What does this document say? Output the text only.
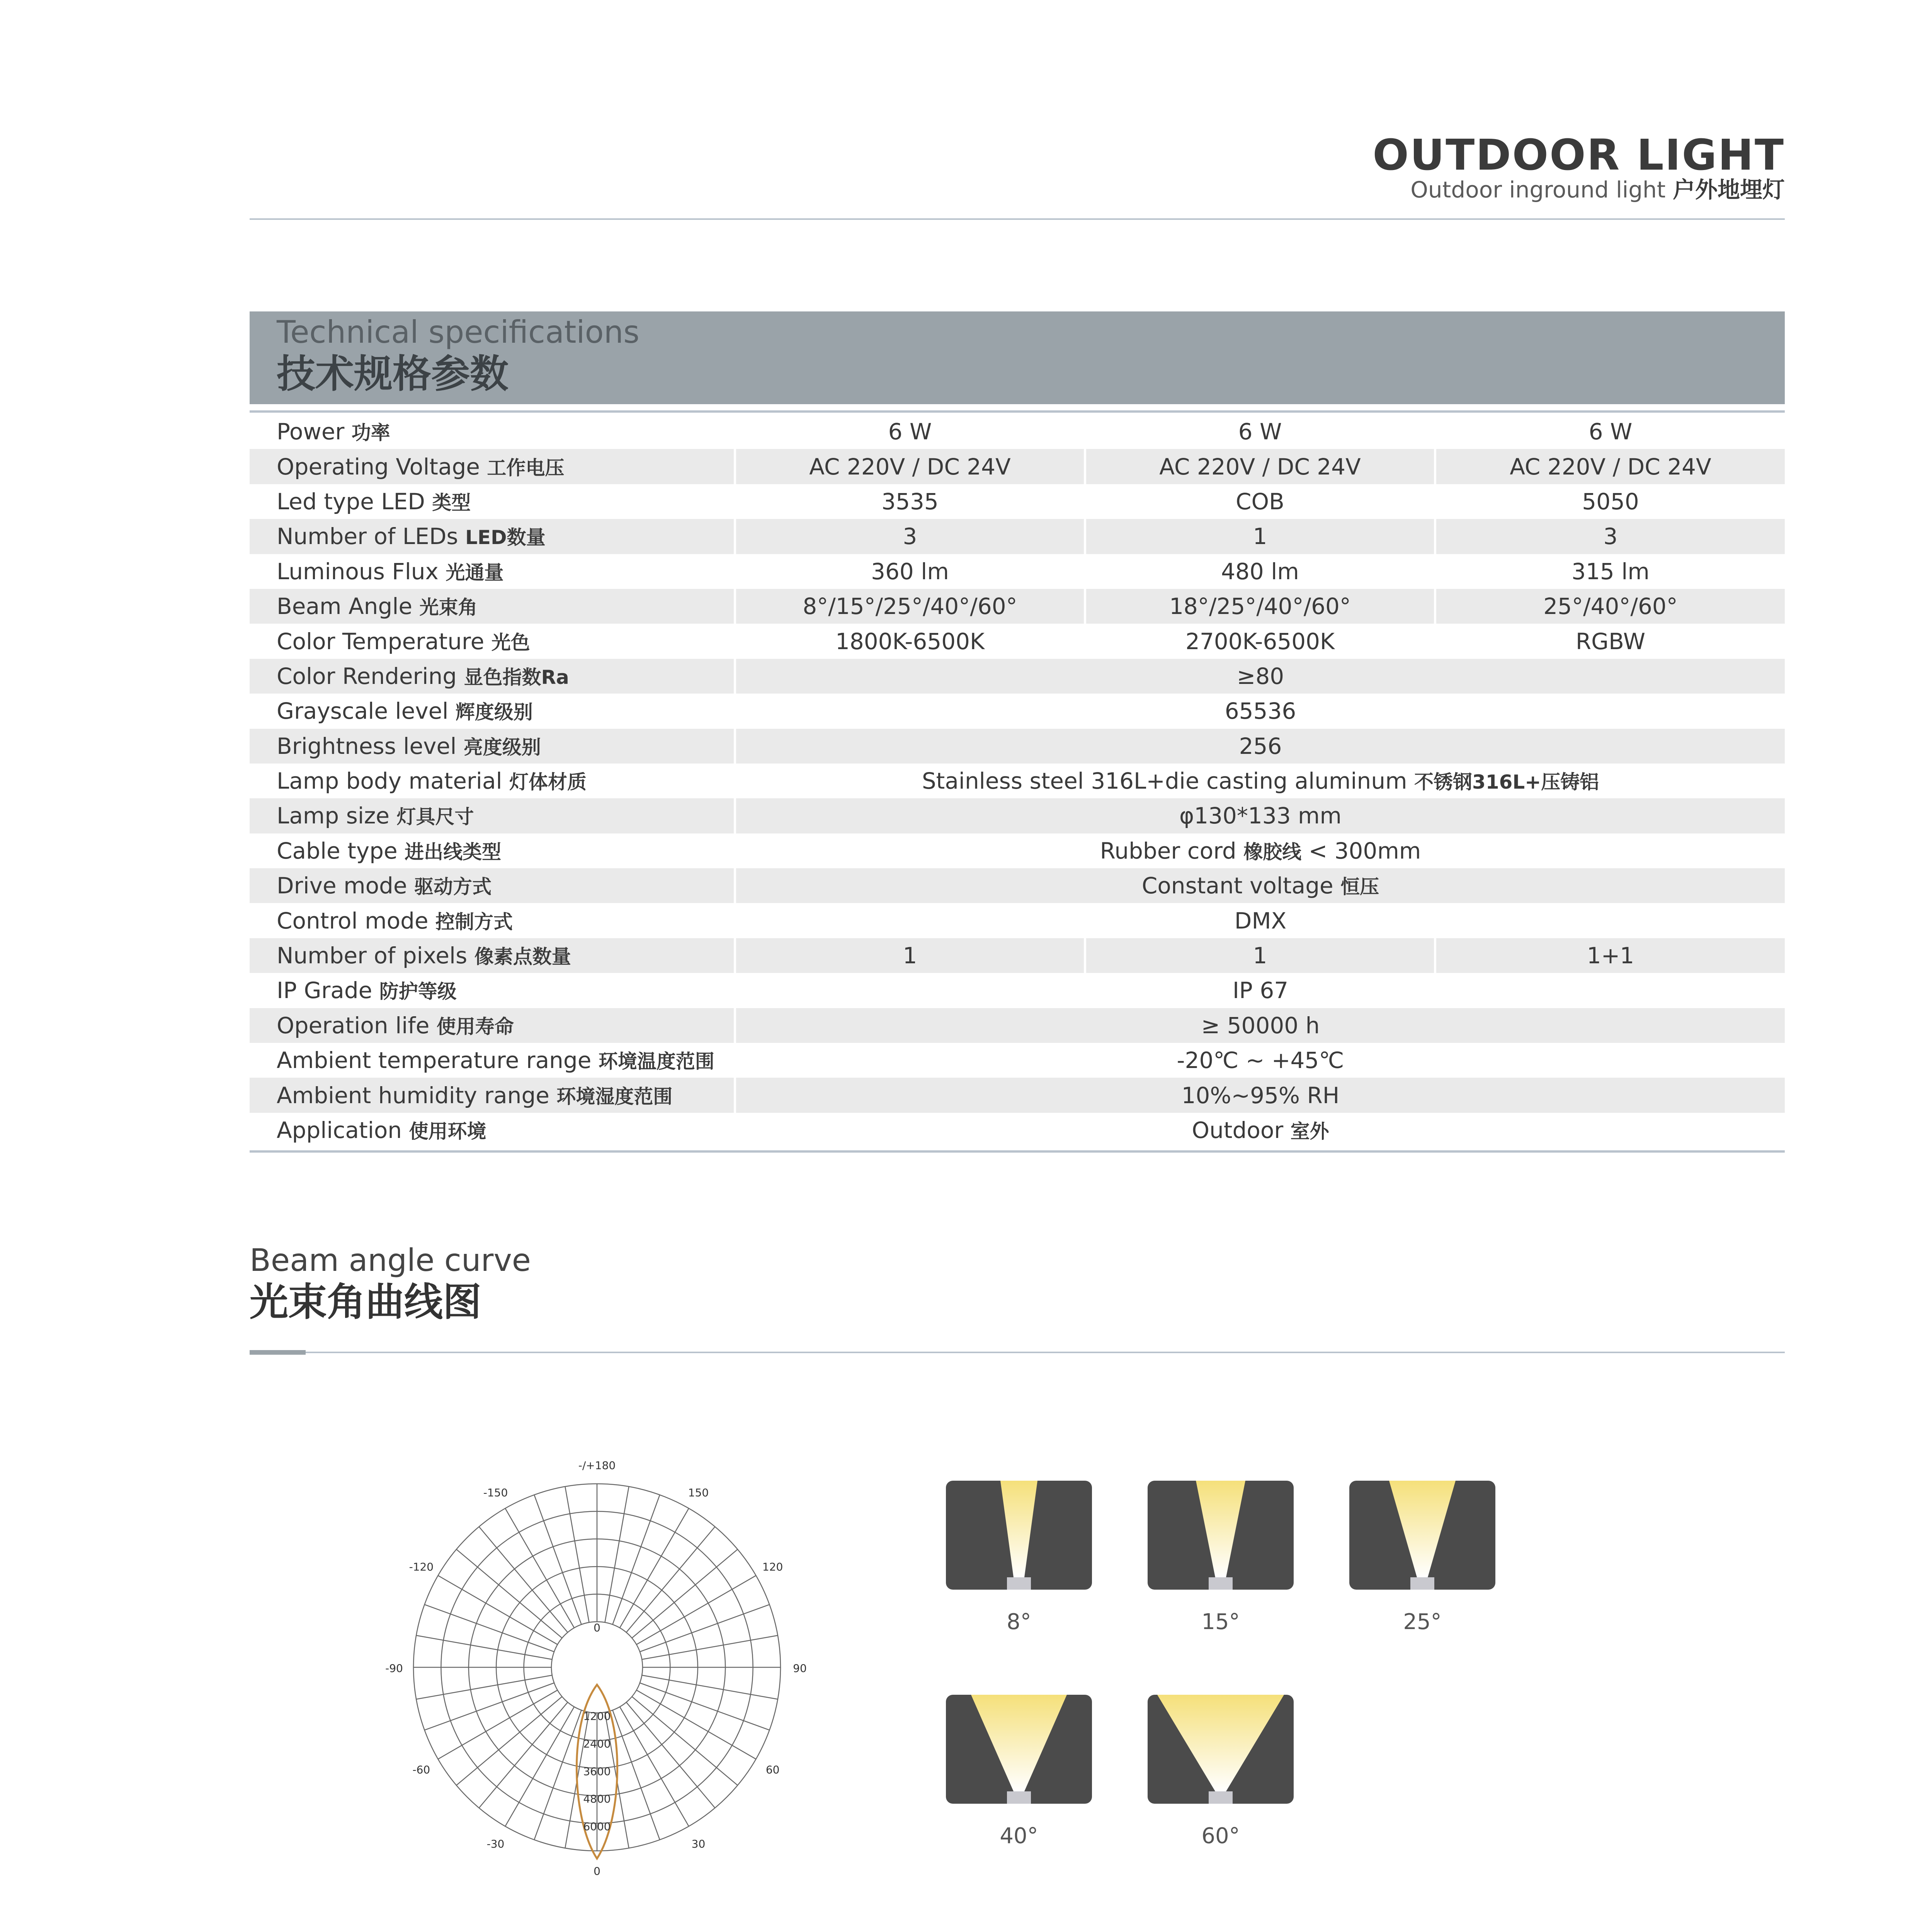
OUTDOOR LIGHT
Outdoor inground light 户外地埋灯
Technical specifications
技术规格参数
Power 功率	6 W	6 W	6 W
Operating Voltage 工作电压	AC 220V / DC 24V	AC 220V / DC 24V	AC 220V / DC 24V
Led type LED 类型	3535	COB	5050
Number of LEDs LED数量	3	1	3
Luminous Flux 光通量	360 lm	480 lm	315 lm
Beam Angle 光束角	8°/15°/25°/40°/60°	18°/25°/40°/60°	25°/40°/60°
Color Temperature 光色	1800K-6500K	2700K-6500K	RGBW
Color Rendering 显色指数Ra	≥80		
Grayscale level 辉度级别	65536		
Brightness level 亮度级别	256		
Lamp body material 灯体材质	Stainless steel 316L+die casting aluminum 不锈钢316L+压铸铝		
Lamp size 灯具尺寸	φ130*133 mm		
Cable type 进出线类型	Rubber cord 橡胶线 < 300mm		
Drive mode 驱动方式	Constant voltage 恒压		
Control mode 控制方式	DMX		
Number of pixels 像素点数量	1	1	1+1
IP Grade 防护等级	IP 67		
Operation life 使用寿命	≥ 50000 h		
Ambient temperature range 环境温度范围	-20℃ ~ +45℃		
Ambient humidity range 环境湿度范围	10%~95% RH		
Application 使用环境	Outdoor 室外		
Beam angle curve
光束角曲线图
-/+180
-150	150
-120	120
-90	90
-60	60
-30	30
0
0
1200
2400
3600
4800
6000
8°	15°	25°
40°	60°
